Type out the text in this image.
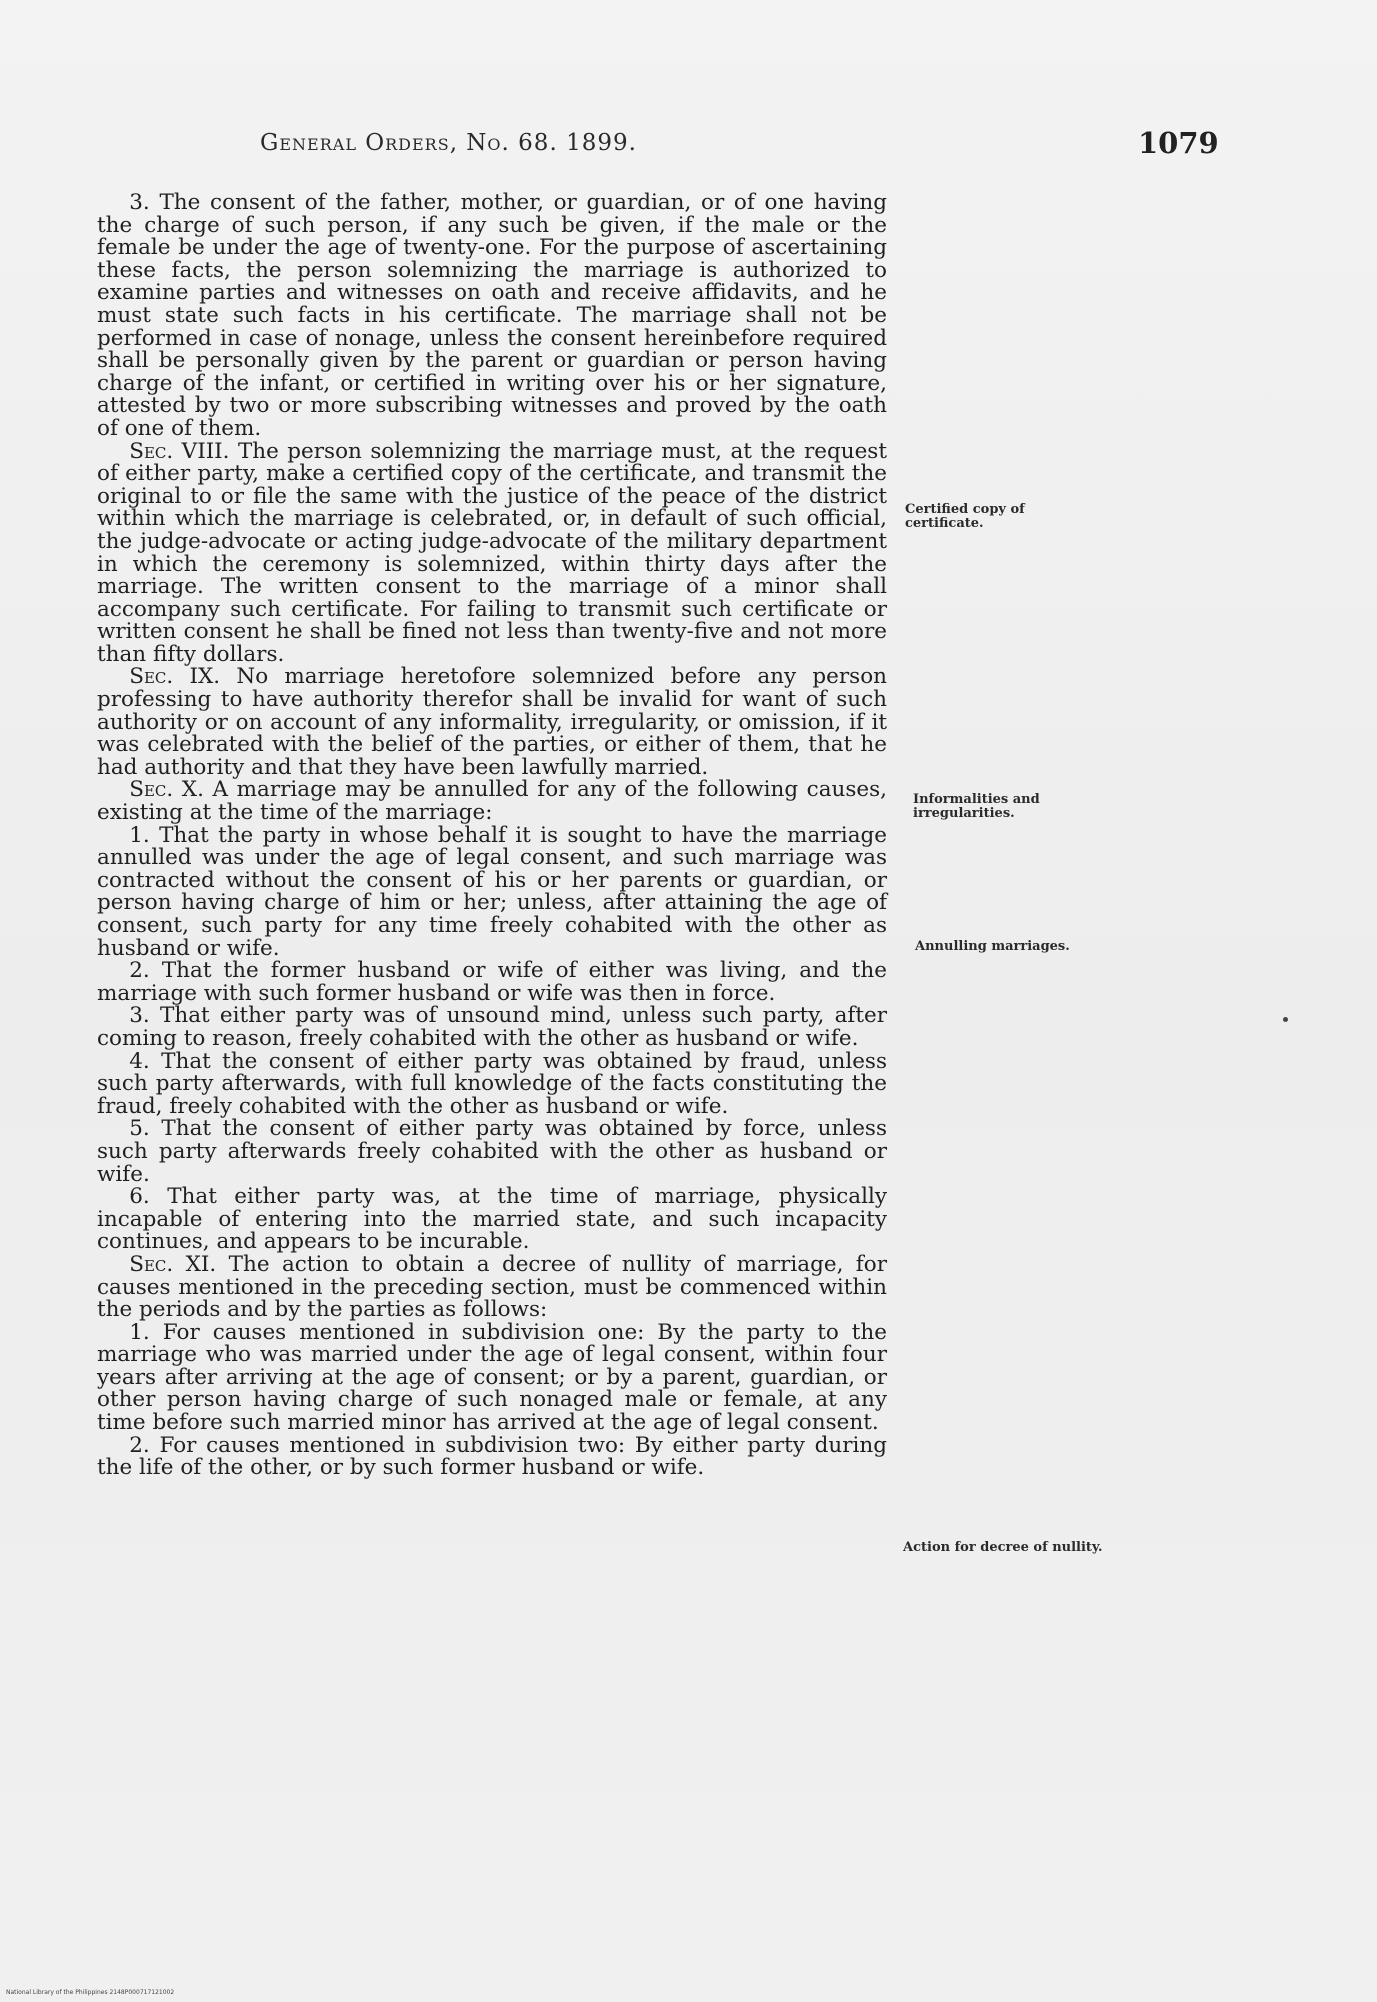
General Orders, No. 68. 1899.	1079

3. The consent of the father, mother, or guardian, or of one having the charge of such person, if any such be given, if the male or the female be under the age of twenty-one. For the purpose of ascertaining these facts, the person solemnizing the marriage is authorized to examine parties and witnesses on oath and receive affidavits, and he must state such facts in his certificate. The marriage shall not be performed in case of nonage, unless the consent hereinbefore required shall be personally given by the parent or guardian or person having charge of the infant, or certified in writing over his or her signature, attested by two or more subscribing witnesses and proved by the oath of one of them.

Sec. VIII. The person solemnizing the marriage must, at the request of either party, make a certified copy of the certificate, and transmit the original to or file the same with the justice of the peace of the district within which the marriage is celebrated, or, in default of such official, the judge-advocate or acting judge-advocate of the military department in which the ceremony is solemnized, within thirty days after the marriage. The written consent to the marriage of a minor shall accompany such certificate. For failing to transmit such certificate or written consent he shall be fined not less than twenty-five and not more than fifty dollars.

Sec. IX. No marriage heretofore solemnized before any person professing to have authority therefor shall be invalid for want of such authority or on account of any informality, irregularity, or omission, if it was celebrated with the belief of the parties, or either of them, that he had authority and that they have been lawfully married.

Sec. X. A marriage may be annulled for any of the following causes, existing at the time of the marriage:

1. That the party in whose behalf it is sought to have the marriage annulled was under the age of legal consent, and such marriage was contracted without the consent of his or her parents or guardian, or person having charge of him or her; unless, after attaining the age of consent, such party for any time freely cohabited with the other as husband or wife.

2. That the former husband or wife of either was living, and the marriage with such former husband or wife was then in force.

3. That either party was of unsound mind, unless such party, after coming to reason, freely cohabited with the other as husband or wife.

4. That the consent of either party was obtained by fraud, unless such party afterwards, with full knowledge of the facts constituting the fraud, freely cohabited with the other as husband or wife.

5. That the consent of either party was obtained by force, unless such party afterwards freely cohabited with the other as husband or wife.

6. That either party was, at the time of marriage, physically incapable of entering into the married state, and such incapacity continues, and appears to be incurable.

Sec. XI. The action to obtain a decree of nullity of marriage, for causes mentioned in the preceding section, must be commenced within the periods and by the parties as follows:

1. For causes mentioned in subdivision one: By the party to the marriage who was married under the age of legal consent, within four years after arriving at the age of consent; or by a parent, guardian, or other person having charge of such nonaged male or female, at any time before such married minor has arrived at the age of legal consent.

2. For causes mentioned in subdivision two: By either party during the life of the other, or by such former husband or wife.

Certified copy of certificate.
Informalities and irregularities.
Annulling marriages.
Action for decree of nullity.
National Library of the Philippines 2148P000717121002
